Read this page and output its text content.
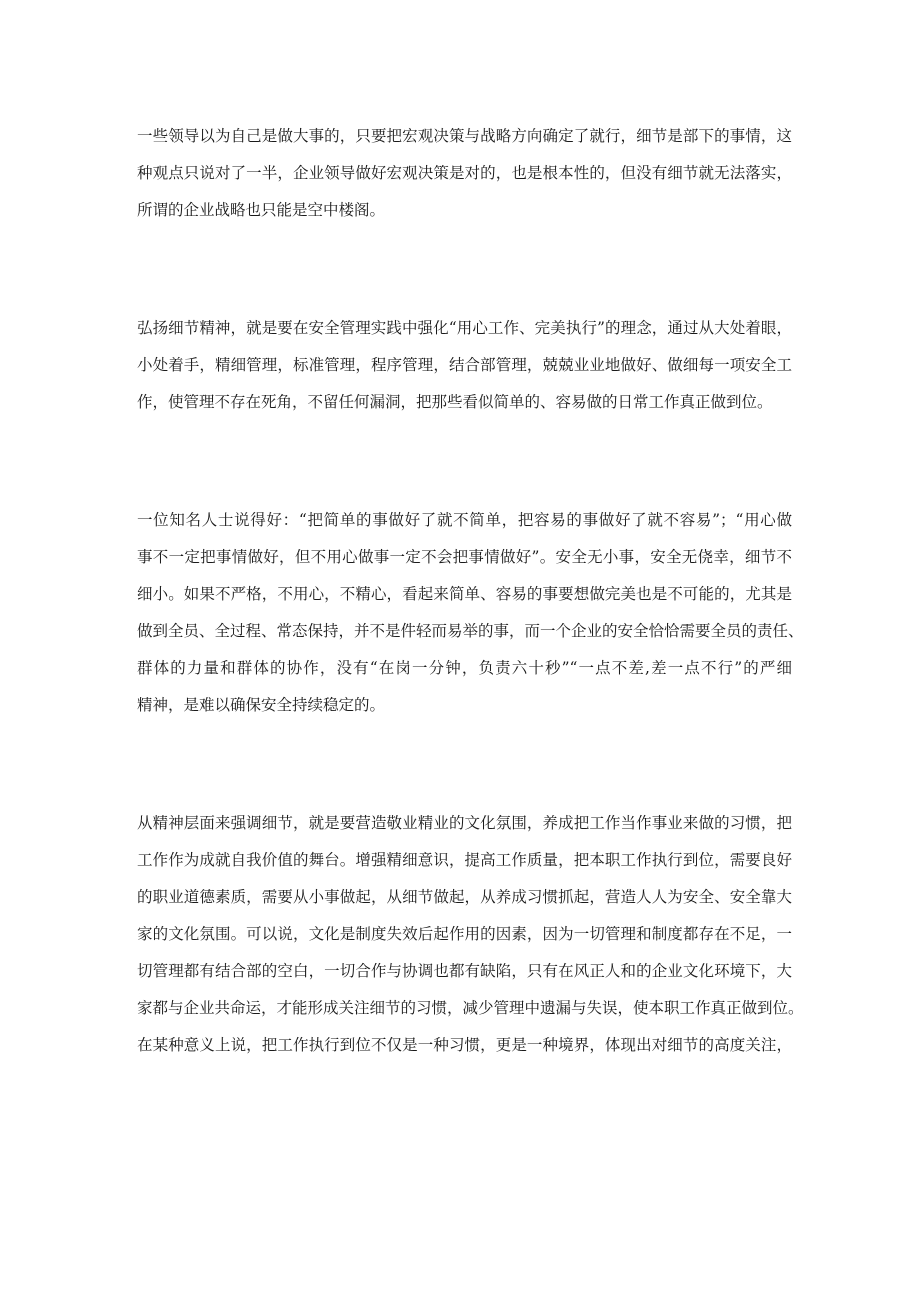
一些领导以为自己是做大事的，只要把宏观决策与战略方向确定了就行，细节是部下的事情，这
种观点只说对了一半，企业领导做好宏观决策是对的，也是根本性的，但没有细节就无法落实，
所谓的企业战略也只能是空中楼阁。
弘扬细节精神，就是要在安全管理实践中强化“用心工作、完美执行”的理念，通过从大处着眼，
小处着手，精细管理，标准管理，程序管理，结合部管理，兢兢业业地做好、做细每一项安全工
作，使管理不存在死角，不留任何漏洞，把那些看似简单的、容易做的日常工作真正做到位。
一位知名人士说得好：“把简单的事做好了就不简单，把容易的事做好了就不容易”；“用心做
事不一定把事情做好，但不用心做事一定不会把事情做好”。安全无小事，安全无侥幸，细节不
细小。如果不严格，不用心，不精心，看起来简单、容易的事要想做完美也是不可能的，尤其是
做到全员、全过程、常态保持，并不是件轻而易举的事，而一个企业的安全恰恰需要全员的责任、
群体的力量和群体的协作，没有“在岗一分钟，负责六十秒”“一点不差,差一点不行”的严细
精神，是难以确保安全持续稳定的。
从精神层面来强调细节，就是要营造敬业精业的文化氛围，养成把工作当作事业来做的习惯，把
工作作为成就自我价值的舞台。增强精细意识，提高工作质量，把本职工作执行到位，需要良好
的职业道德素质，需要从小事做起，从细节做起，从养成习惯抓起，营造人人为安全、安全靠大
家的文化氛围。可以说，文化是制度失效后起作用的因素，因为一切管理和制度都存在不足，一
切管理都有结合部的空白，一切合作与协调也都有缺陷，只有在风正人和的企业文化环境下，大
家都与企业共命运，才能形成关注细节的习惯，减少管理中遗漏与失误，使本职工作真正做到位。
在某种意义上说，把工作执行到位不仅是一种习惯，更是一种境界，体现出对细节的高度关注，
